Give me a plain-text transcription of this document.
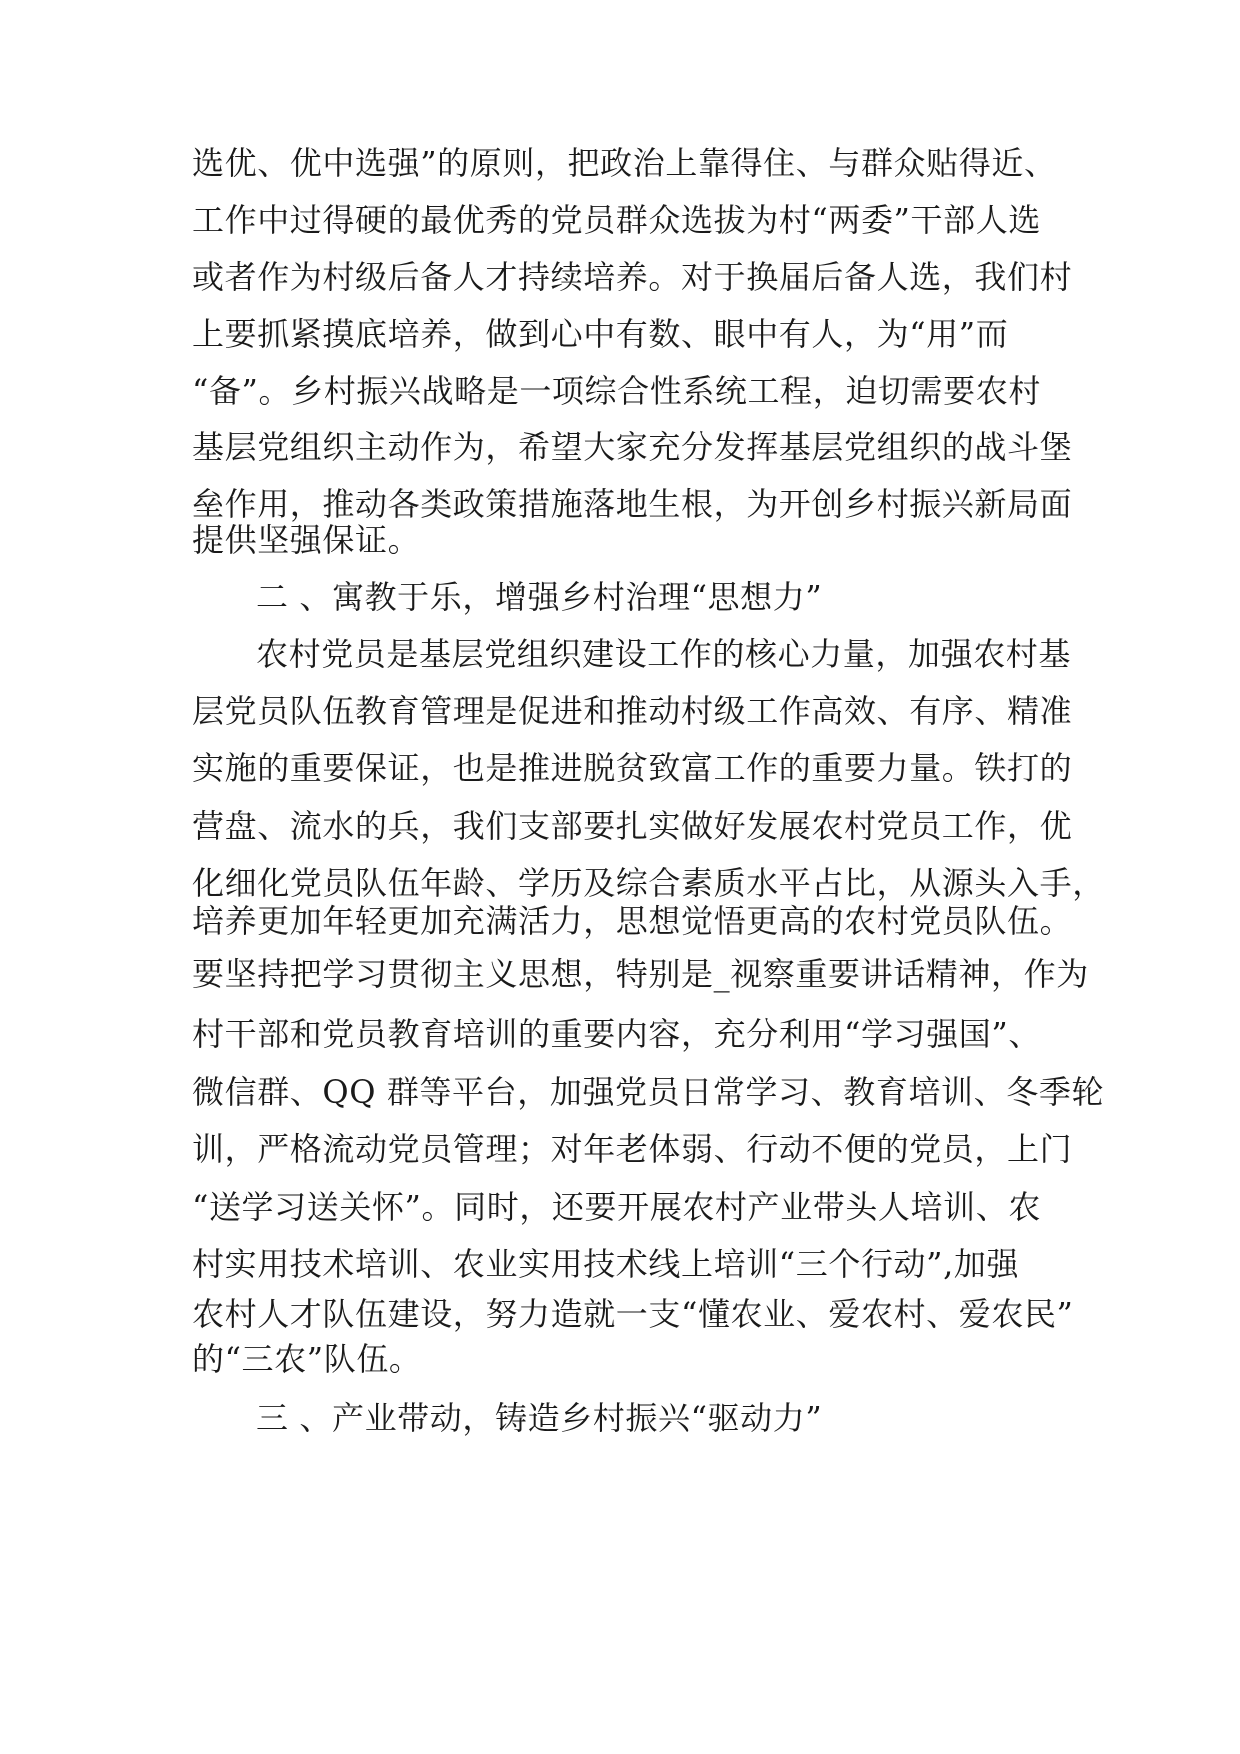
选优、优中选强”的原则，把政治上靠得住、与群众贴得近、

工作中过得硬的最优秀的党员群众选拔为村“两委”干部人选

或者作为村级后备人才持续培养。对于换届后备人选，我们村

上要抓紧摸底培养，做到心中有数、眼中有人，为“用”而

“备”。乡村振兴战略是一项综合性系统工程，迫切需要农村

基层党组织主动作为，希望大家充分发挥基层党组织的战斗堡

垒作用，推动各类政策措施落地生根，为开创乡村振兴新局面

提供坚强保证。

二 、寓教于乐，增强乡村治理“思想力”

农村党员是基层党组织建设工作的核心力量，加强农村基

层党员队伍教育管理是促进和推动村级工作高效、有序、精准

实施的重要保证，也是推进脱贫致富工作的重要力量。铁打的

营盘、流水的兵，我们支部要扎实做好发展农村党员工作，优

化细化党员队伍年龄、学历及综合素质水平占比，从源头入手，

培养更加年轻更加充满活力，思想觉悟更高的农村党员队伍。

要坚持把学习贯彻主义思想，特别是_视察重要讲话精神，作为

村干部和党员教育培训的重要内容，充分利用“学习强国”、

微信群、QQ 群等平台，加强党员日常学习、教育培训、冬季轮

训，严格流动党员管理；对年老体弱、行动不便的党员，上门

“送学习送关怀”。同时，还要开展农村产业带头人培训、农

村实用技术培训、农业实用技术线上培训“三个行动”,加强

农村人才队伍建设，努力造就一支“懂农业、爱农村、爱农民”

的“三农”队伍。

三 、产业带动，铸造乡村振兴“驱动力”
